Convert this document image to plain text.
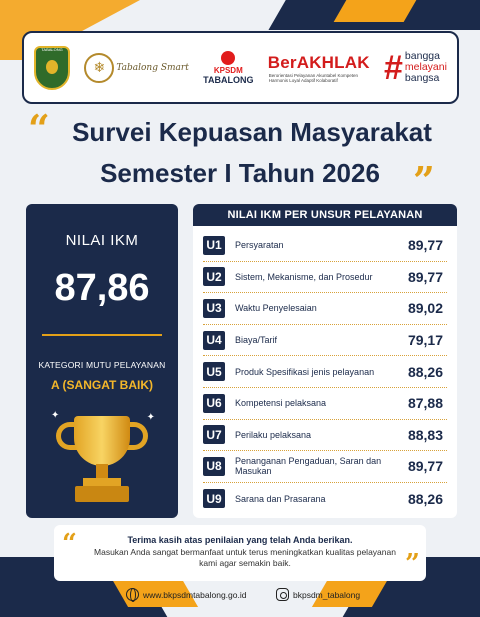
TABALONG
❄	Tabalong Smart	KPSDM
TABALONG
BerAKHLAK
Berorientasi Pelayanan Akuntabel Kompeten Harmonis Loyal Adaptif Kolaboratif	# bangga
melayani
bangsa
“ Survei Kepuasan Masyarakat
Semester I Tahun 2026 ”
NILAI IKM
87,86
KATEGORI MUTU PELAYANAN
A (SANGAT BAIK)
✦	✦
NILAI IKM PER UNSUR PELAYANAN
U1	Persyaratan	89,77
U2	Sistem, Mekanisme, dan Prosedur	89,77
U3	Waktu Penyelesaian	89,02
U4	Biaya/Tarif	79,17
U5	Produk Spesifikasi jenis pelayanan	88,26
U6	Kompetensi pelaksana	87,88
U7	Perilaku pelaksana	88,83
U8	Penanganan Pengaduan, Saran dan Masukan	89,77
U9	Sarana dan Prasarana	88,26
“	Terima kasih atas penilaian yang telah Anda berikan.
Masukan Anda sangat bermanfaat untuk terus meningkatkan kualitas pelayanan kami agar semakin baik.	”
www.bkpsdmtabalong.go.id	bkpsdm_tabalong
